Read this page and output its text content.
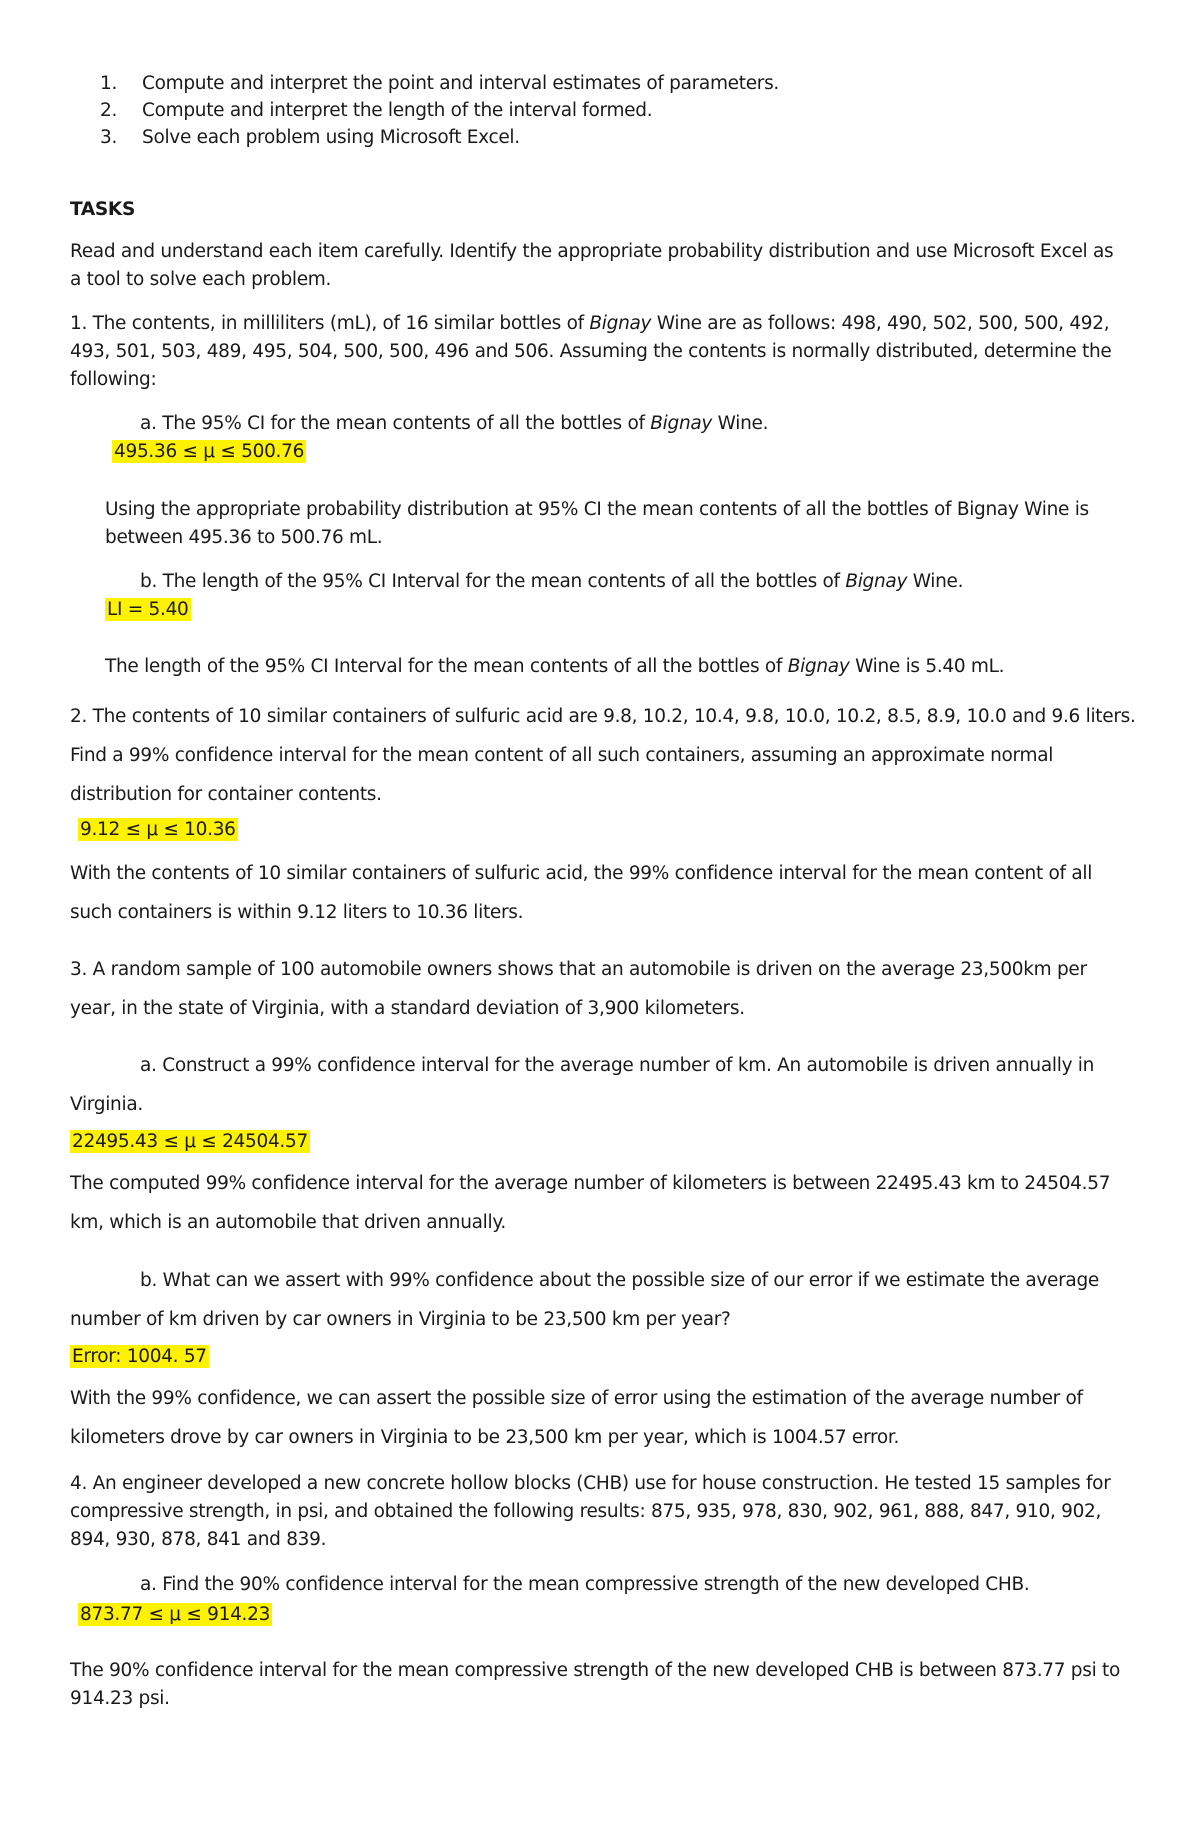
1. Compute and interpret the point and interval estimates of parameters.
2. Compute and interpret the length of the interval formed.
3. Solve each problem using Microsoft Excel.
TASKS
Read and understand each item carefully. Identify the appropriate probability distribution and use Microsoft Excel as
a tool to solve each problem.
1. The contents, in milliliters (mL), of 16 similar bottles of Bignay Wine are as follows: 498, 490, 502, 500, 500, 492,
493, 501, 503, 489, 495, 504, 500, 500, 496 and 506. Assuming the contents is normally distributed, determine the
following:
a. The 95% CI for the mean contents of all the bottles of Bignay Wine.
495.36 ≤ μ ≤ 500.76
Using the appropriate probability distribution at 95% CI the mean contents of all the bottles of Bignay Wine is
between 495.36 to 500.76 mL.
b. The length of the 95% CI Interval for the mean contents of all the bottles of Bignay Wine.
LI = 5.40
The length of the 95% CI Interval for the mean contents of all the bottles of Bignay Wine is 5.40 mL.
2. The contents of 10 similar containers of sulfuric acid are 9.8, 10.2, 10.4, 9.8, 10.0, 10.2, 8.5, 8.9, 10.0 and 9.6 liters.
Find a 99% confidence interval for the mean content of all such containers, assuming an approximate normal
distribution for container contents.
9.12 ≤ μ ≤ 10.36
With the contents of 10 similar containers of sulfuric acid, the 99% confidence interval for the mean content of all
such containers is within 9.12 liters to 10.36 liters.
3. A random sample of 100 automobile owners shows that an automobile is driven on the average 23,500km per
year, in the state of Virginia, with a standard deviation of 3,900 kilometers.
a. Construct a 99% confidence interval for the average number of km. An automobile is driven annually in
Virginia.
22495.43 ≤ μ ≤ 24504.57
The computed 99% confidence interval for the average number of kilometers is between 22495.43 km to 24504.57
km, which is an automobile that driven annually.
b. What can we assert with 99% confidence about the possible size of our error if we estimate the average
number of km driven by car owners in Virginia to be 23,500 km per year?
Error: 1004. 57
With the 99% confidence, we can assert the possible size of error using the estimation of the average number of
kilometers drove by car owners in Virginia to be 23,500 km per year, which is 1004.57 error.
4. An engineer developed a new concrete hollow blocks (CHB) use for house construction. He tested 15 samples for
compressive strength, in psi, and obtained the following results: 875, 935, 978, 830, 902, 961, 888, 847, 910, 902,
894, 930, 878, 841 and 839.
a. Find the 90% confidence interval for the mean compressive strength of the new developed CHB.
873.77 ≤ μ ≤ 914.23
The 90% confidence interval for the mean compressive strength of the new developed CHB is between 873.77 psi to
914.23 psi.
